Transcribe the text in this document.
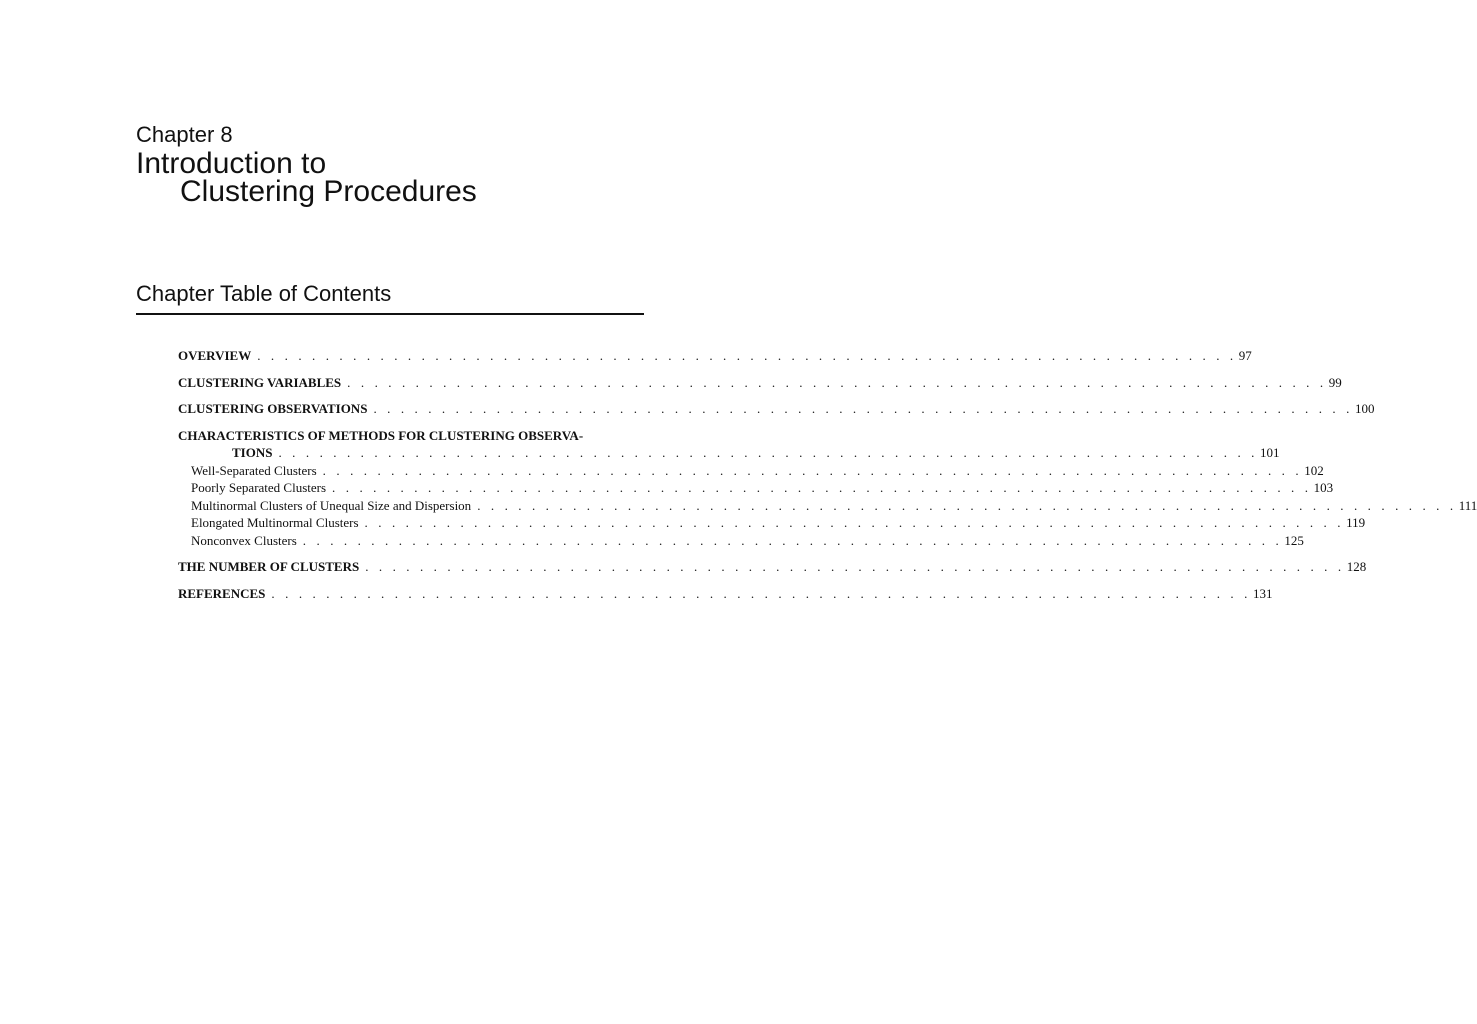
Chapter 8
Introduction to
Clustering Procedures
Chapter Table of Contents
OVERVIEW . . . . . . . . . . . . . . . . . . . . . . . . . . . . . . . . . . . . . . . . . . . . . . . . . . . . . . . . . . . . . . . . . . . . . . . . 97
CLUSTERING VARIABLES . . . . . . . . . . . . . . . . . . . . . . . . . . . . . . . . . . . . . . . . . . . . . . . . . . . . . . . . . . . . . . . . . . . . . . . . 99
CLUSTERING OBSERVATIONS . . . . . . . . . . . . . . . . . . . . . . . . . . . . . . . . . . . . . . . . . . . . . . . . . . . . . . . . . . . . . . . . . . . . . . . . 100
CHARACTERISTICS OF METHODS FOR CLUSTERING OBSERVA-
TIONS . . . . . . . . . . . . . . . . . . . . . . . . . . . . . . . . . . . . . . . . . . . . . . . . . . . . . . . . . . . . . . . . . . . . . . . . 101
Well-Separated Clusters . . . . . . . . . . . . . . . . . . . . . . . . . . . . . . . . . . . . . . . . . . . . . . . . . . . . . . . . . . . . . . . . . . . . . . . . 102
Poorly Separated Clusters . . . . . . . . . . . . . . . . . . . . . . . . . . . . . . . . . . . . . . . . . . . . . . . . . . . . . . . . . . . . . . . . . . . . . . . . 103
Multinormal Clusters of Unequal Size and Dispersion . . . . . . . . . . . . . . . . . . . . . . . . . . . . . . . . . . . . . . . . . . . . . . . . . . . . . . . . . . . . . . . . . . . . . . . . 111
Elongated Multinormal Clusters . . . . . . . . . . . . . . . . . . . . . . . . . . . . . . . . . . . . . . . . . . . . . . . . . . . . . . . . . . . . . . . . . . . . . . . . 119
Nonconvex Clusters . . . . . . . . . . . . . . . . . . . . . . . . . . . . . . . . . . . . . . . . . . . . . . . . . . . . . . . . . . . . . . . . . . . . . . . . 125
THE NUMBER OF CLUSTERS . . . . . . . . . . . . . . . . . . . . . . . . . . . . . . . . . . . . . . . . . . . . . . . . . . . . . . . . . . . . . . . . . . . . . . . . 128
REFERENCES . . . . . . . . . . . . . . . . . . . . . . . . . . . . . . . . . . . . . . . . . . . . . . . . . . . . . . . . . . . . . . . . . . . . . . . . 131
